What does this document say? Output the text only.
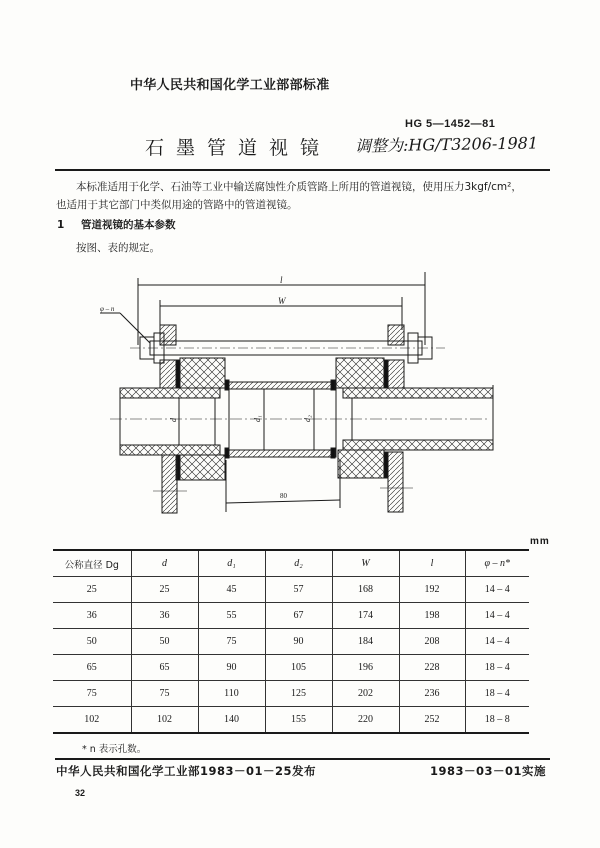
中华人民共和国化学工业部部标准
HG 5—1452—81
石墨管道视镜 调整为:HG/T3206-1981
本标准适用于化学、石油等工业中输送腐蚀性介质管路上所用的管道视镜，使用压力3kgf/cm²，
也适用于其它部门中类似用途的管路中的管道视镜。
1 管道视镜的基本参数
按图、表的规定。
l
W
φ – n
d	d₁	d₂
80
mm
公称直径 Dg	d	d₁	d₂	W	l	φ – n*
25	25	45	57	168	192	14 – 4
36	36	55	67	174	198	14 – 4
50	50	75	90	184	208	14 – 4
65	65	90	105	196	228	18 – 4
75	75	110	125	202	236	18 – 4
102	102	140	155	220	252	18 – 8
* n 表示孔数。
中华人民共和国化学工业部1983－01－25发布	1983－03－01实施
32
